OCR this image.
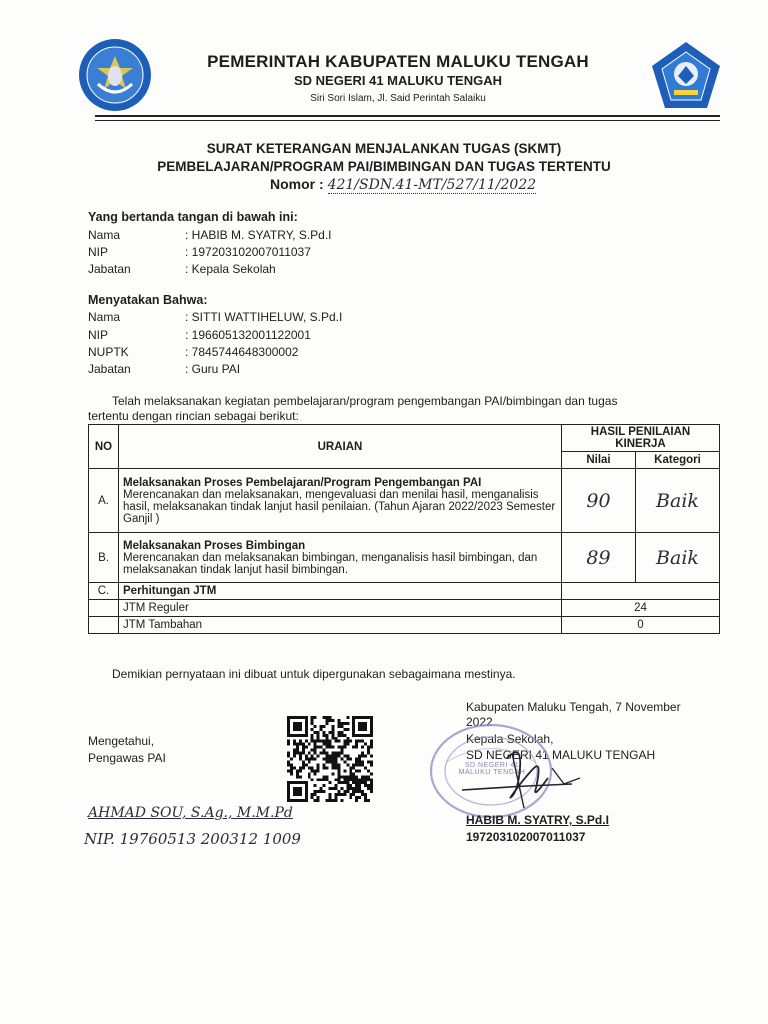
PEMERINTAH KABUPATEN MALUKU TENGAH
SD NEGERI 41 MALUKU TENGAH
Siri Sori Islam, Jl. Said Perintah Salaiku
SURAT KETERANGAN MENJALANKAN TUGAS (SKMT)
PEMBELAJARAN/PROGRAM PAI/BIMBINGAN DAN TUGAS TERTENTU
Nomor : 421/SDN.41-MT/527/11/2022
Yang bertanda tangan di bawah ini:
Nama	: HABIB M. SYATRY, S.Pd.I
NIP	: 197203102007011037
Jabatan	: Kepala Sekolah
Menyatakan Bahwa:
Nama	: SITTI WATTIHELUW, S.Pd.I
NIP	: 196605132001122001
NUPTK	: 7845744648300002
Jabatan	: Guru PAI
Telah melaksanakan kegiatan pembelajaran/program pengembangan PAI/bimbingan dan tugas
tertentu dengan rincian sebagai berikut:
NO	URAIAN	HASIL PENILAIAN KINERJA	
		Nilai	Kategori
A.	Melaksanakan Proses Pembelajaran/Program Pengembangan PAI
Merencanakan dan melaksanakan, mengevaluasi dan menilai hasil, menganalisis hasil, melaksanakan tindak lanjut hasil penilaian. (Tahun Ajaran 2022/2023 Semester Ganjil )	90	Baik
B.	Melaksanakan Proses Bimbingan
Merencanakan dan melaksanakan bimbingan, menganalisis hasil bimbingan, dan melaksanakan tindak lanjut hasil bimbingan.	89	Baik
C.	Perhitungan JTM		
	JTM Reguler	24	
	JTM Tambahan	0	
Demikian pernyataan ini dibuat untuk dipergunakan sebagaimana mestinya.
Mengetahui,
Pengawas PAI
AHMAD SOU, S.Ag., M.M.Pd
NIP. 19760513 200312 1009
Kabupaten Maluku Tengah, 7 November
2022
Kepala Sekolah,
SD NEGERI 41 MALUKU TENGAH
SD NEGERI 41 MALUKU TENGAH
HABIB M. SYATRY, S.Pd.I
197203102007011037
